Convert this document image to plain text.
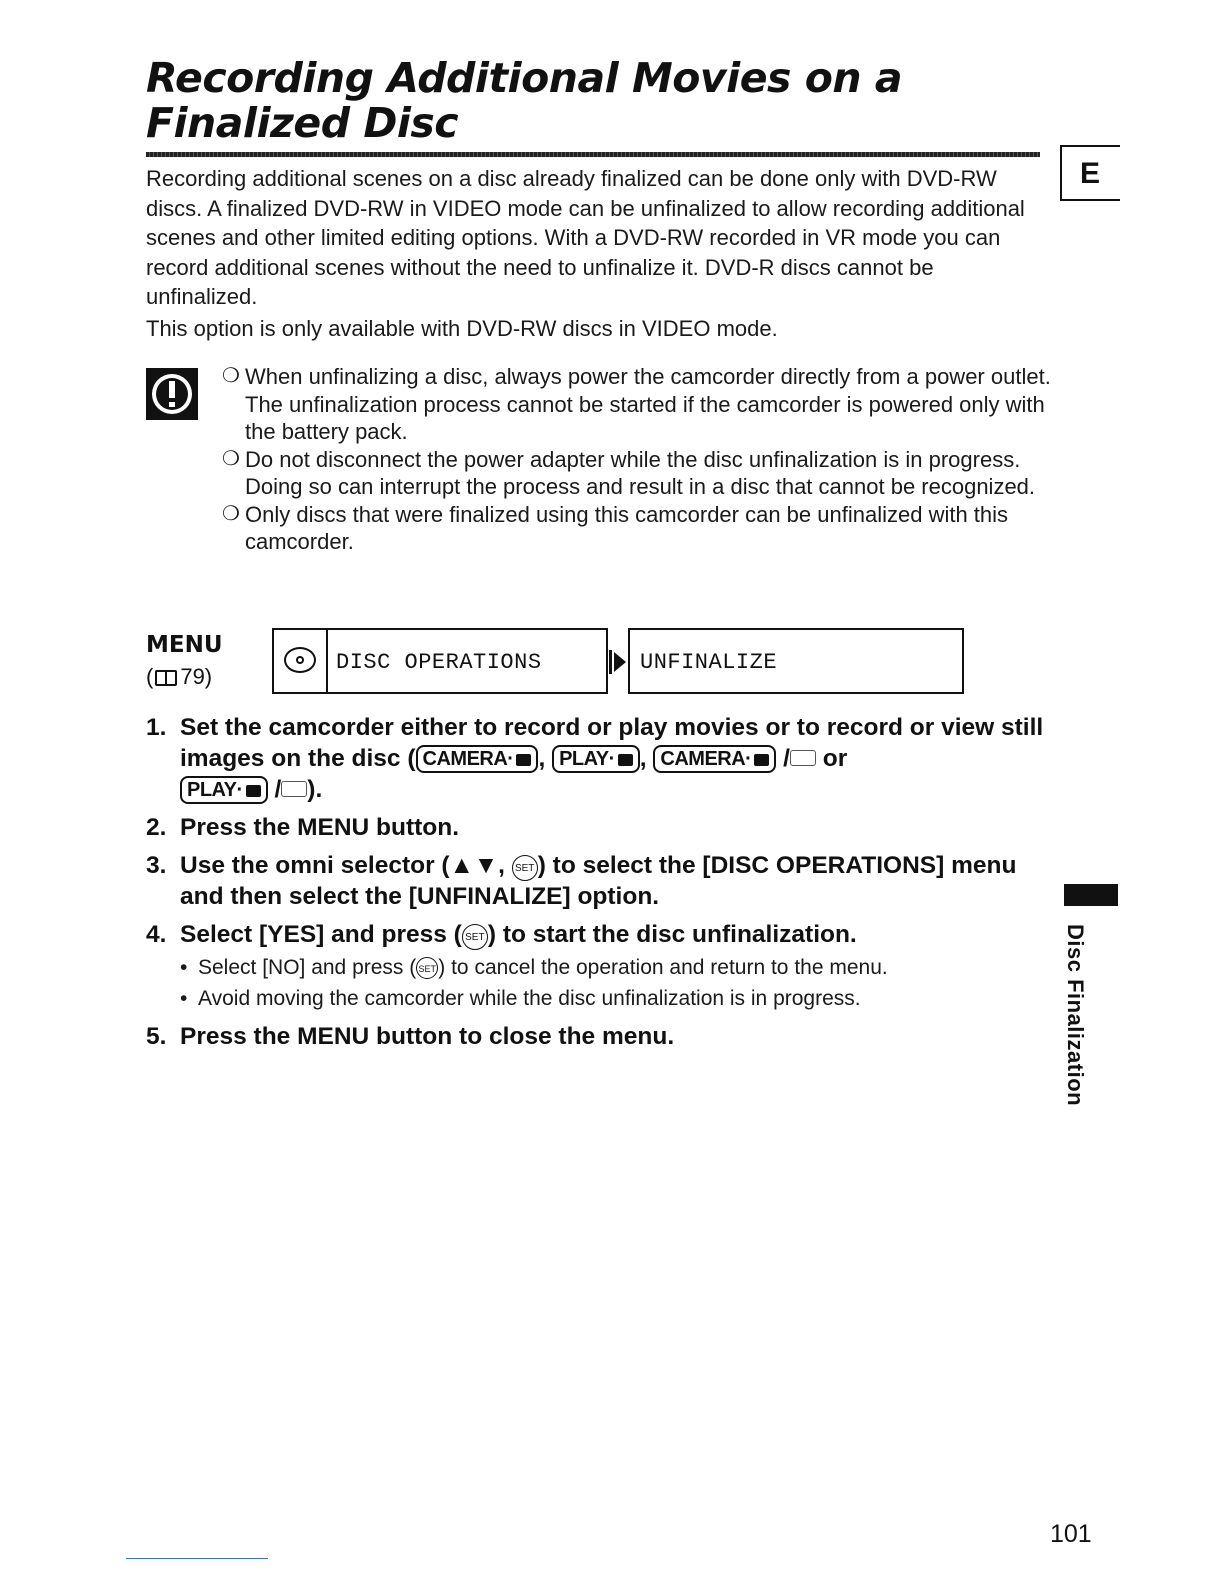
Recording Additional Movies on a
Finalized Disc
E
Recording additional scenes on a disc already finalized can be done only with DVD-RW discs. A finalized DVD-RW in VIDEO mode can be unfinalized to allow recording additional scenes and other limited editing options. With a DVD-RW recorded in VR mode you can record additional scenes without the need to unfinalize it. DVD-R discs cannot be unfinalized.
This option is only available with DVD-RW discs in VIDEO mode.
❍ When unfinalizing a disc, always power the camcorder directly from a power outlet. The unfinalization process cannot be started if the camcorder is powered only with the battery pack.
❍ Do not disconnect the power adapter while the disc unfinalization is in progress. Doing so can interrupt the process and result in a disc that cannot be recognized.
❍ Only discs that were finalized using this camcorder can be unfinalized with this camcorder.
MENU
( 79)
DISC OPERATIONS	UNFINALIZE
1. Set the camcorder either to record or play movies or to record or view still images on the disc ( CAMERA· , PLAY· , CAMERA· / or
PLAY· / ).
2. Press the MENU button.
3. Use the omni selector (▲▼, SET ) to select the [DISC OPERATIONS] menu and then select the [UNFINALIZE] option.
4. Select [YES] and press ( SET ) to start the disc unfinalization.
• Select [NO] and press ( SET ) to cancel the operation and return to the menu.
• Avoid moving the camcorder while the disc unfinalization is in progress.
5. Press the MENU button to close the menu.	Disc Finalization
101
